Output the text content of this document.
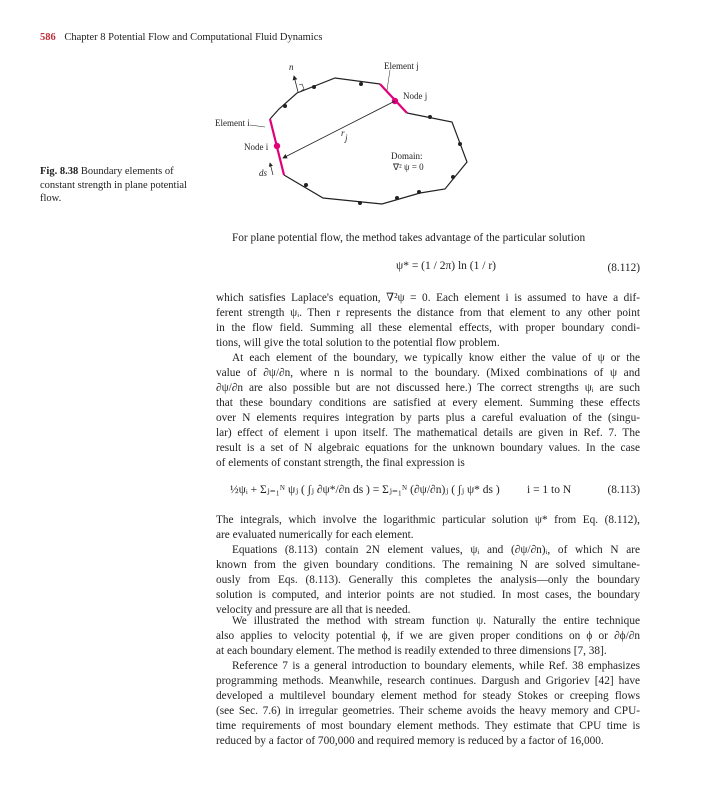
586 Chapter 8 Potential Flow and Computational Fluid Dynamics
n	Element j
Node j
Element i
Node i
r j
ds
Domain:
∇² ψ = 0
Fig. 8.38 Boundary elements of
constant strength in plane potential
flow.
For plane potential flow, the method takes advantage of the particular solution
which satisfies Laplace's equation, ∇²ψ = 0. Each element i is assumed to have a dif-
ferent strength ψᵢ. Then r represents the distance from that element to any other point
in the flow field. Summing all these elemental effects, with proper boundary condi-
tions, will give the total solution to the potential flow problem.
At each element of the boundary, we typically know either the value of ψ or the
value of ∂ψ/∂n, where n is normal to the boundary. (Mixed combinations of ψ and
∂ψ/∂n are also possible but are not discussed here.) The correct strengths ψᵢ are such
that these boundary conditions are satisfied at every element. Summing these effects
over N elements requires integration by parts plus a careful evaluation of the (singu-
lar) effect of element i upon itself. The mathematical details are given in Ref. 7. The
result is a set of N algebraic equations for the unknown boundary values. In the case
of elements of constant strength, the final expression is
The integrals, which involve the logarithmic particular solution ψ* from Eq. (8.112),
are evaluated numerically for each element.
Equations (8.113) contain 2N element values, ψᵢ and (∂ψ/∂n)ᵢ, of which N are
known from the given boundary conditions. The remaining N are solved simultane-
ously from Eqs. (8.113). Generally this completes the analysis—only the boundary
solution is computed, and interior points are not studied. In most cases, the boundary
velocity and pressure are all that is needed.
We illustrated the method with stream function ψ. Naturally the entire technique
also applies to velocity potential ϕ, if we are given proper conditions on ϕ or ∂ϕ/∂n
at each boundary element. The method is readily extended to three dimensions [7, 38].
Reference 7 is a general introduction to boundary elements, while Ref. 38 emphasizes
programming methods. Meanwhile, research continues. Dargush and Grigoriev [42] have
developed a multilevel boundary element method for steady Stokes or creeping flows
(see Sec. 7.6) in irregular geometries. Their scheme avoids the heavy memory and CPU-
time requirements of most boundary element methods. They estimate that CPU time is
reduced by a factor of 700,000 and required memory is reduced by a factor of 16,000.
ψ* = (1 / 2π) ln (1 / r)	(8.112)
½ψᵢ + Σⱼ₌₁ᴺ ψⱼ ( ∫ⱼ ∂ψ*/∂n ds ) = Σⱼ₌₁ᴺ (∂ψ/∂n)ⱼ ( ∫ⱼ ψ* ds ) i = 1 to N	(8.113)
